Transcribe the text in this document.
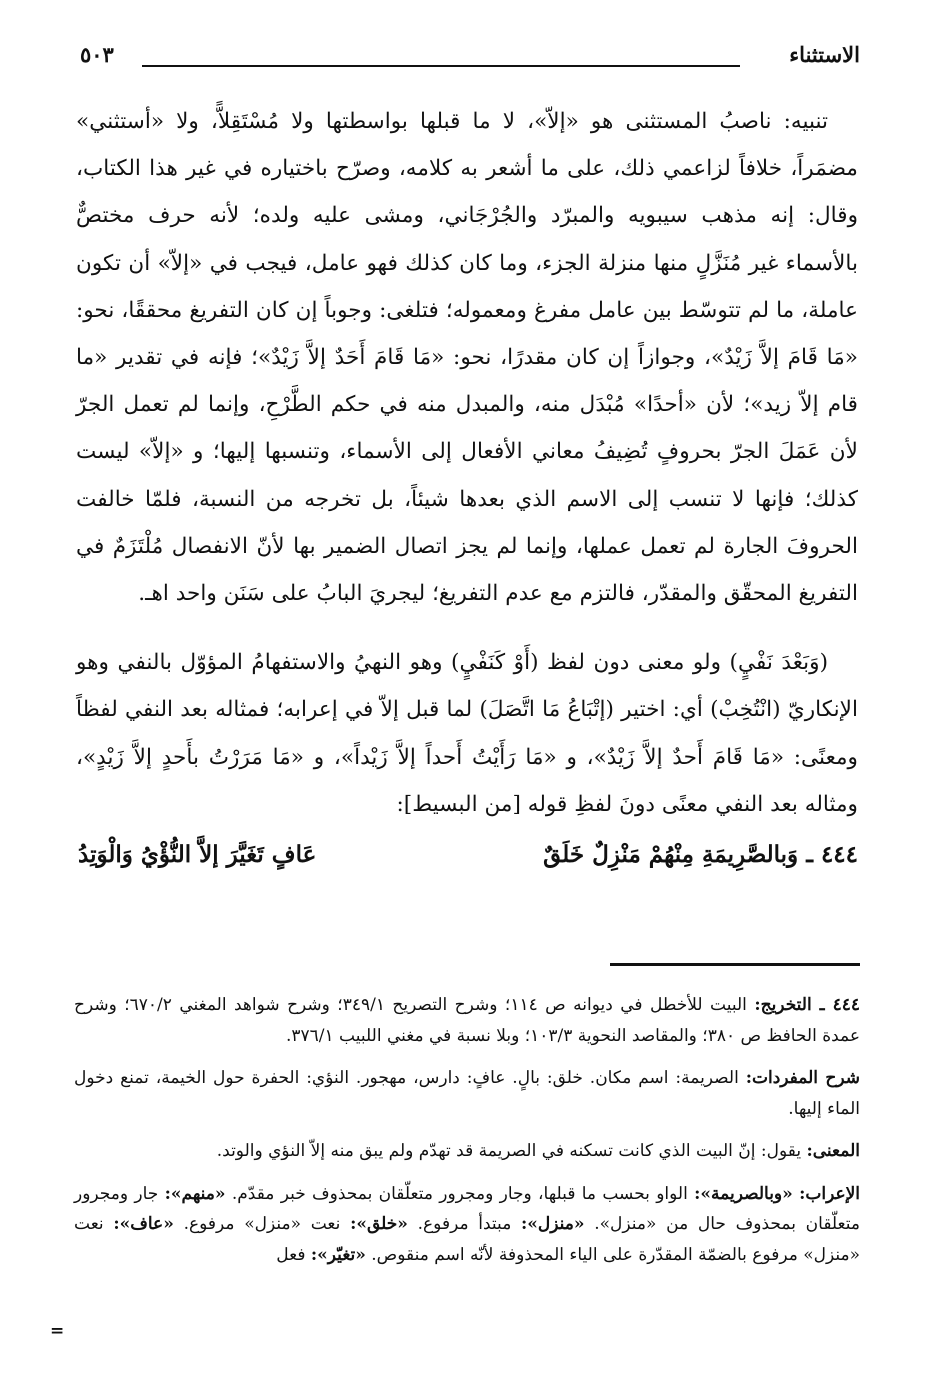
الاستثناء
٥٠٣

تنبيه: ناصبُ المستثنى هو «إلاّ»، لا ما قبلها بواسطتها ولا مُسْتَقِلاًّ، ولا «أستثني» مضمَراً، خلافاً لزاعمي ذلك، على ما أشعر به كلامه، وصرّح باختياره في غير هذا الكتاب، وقال: إنه مذهب سيبويه والمبرّد والجُرْجَاني، ومشى عليه ولده؛ لأنه حرف مختصٌّ بالأسماء غير مُنَزَّلٍ منها منزلة الجزء، وما كان كذلك فهو عامل، فيجب في «إلاّ» أن تكون عاملة، ما لم تتوسّط بين عامل مفرغ ومعموله؛ فتلغى: وجوباً إن كان التفريغ محققًا، نحو: «مَا قَامَ إلاَّ زَيْدٌ»، وجوازاً إن كان مقدرًا، نحو: «مَا قَامَ أَحَدٌ إلاَّ زَيْدٌ»؛ فإنه في تقدير «ما قام إلاّ زيد»؛ لأن «أحدًا» مُبْدَل منه، والمبدل منه في حكم الطَّرْحِ، وإنما لم تعمل الجرّ لأن عَمَلَ الجرّ بحروفٍ تُضِيفُ معاني الأفعال إلى الأسماء، وتنسبها إليها؛ و «إلاّ» ليست كذلك؛ فإنها لا تنسب إلى الاسم الذي بعدها شيئاً، بل تخرجه من النسبة، فلمّا خالفت الحروفَ الجارة لم تعمل عملها، وإنما لم يجز اتصال الضمير بها لأنّ الانفصال مُلْتَزَمٌ في التفريغ المحقّق والمقدّر، فالتزم مع عدم التفريغ؛ ليجريَ البابُ على سَنَن واحد اهـ.

(وَبَعْدَ نَفْيٍ) ولو معنى دون لفظ (أَوْ كَنَفْيٍ) وهو النهيُ والاستفهامُ المؤوّل بالنفي وهو الإنكاريّ (انْتُخِبْ) أي: اختير (إتْبَاعُ مَا اتَّصَلَ) لما قبل إلاّ في إعرابه؛ فمثاله بعد النفي لفظاً ومعنًى: «مَا قَامَ أَحدٌ إلاَّ زَيْدٌ»، و «مَا رَأَيْتُ أَحداً إلاَّ زَيْداً»، و «مَا مَرَرْتُ بأَحدٍ إلاَّ زَيْدٍ»، ومثاله بعد النفي معنًى دونَ لفظِ قوله [من البسيط]:

٤٤٤ ـ وَبالصَّرِيمَةِ مِنْهُمْ مَنْزِلٌ خَلَقٌ
عَافٍ تَغَيَّرَ إلاَّ النُّؤْيُ وَالْوَتِدُ

٤٤٤ ـ التخريج: البيت للأخطل في ديوانه ص ١١٤؛ وشرح التصريح ٣٤٩/١؛ وشرح شواهد المغني ٦٧٠/٢؛ وشرح عمدة الحافظ ص ٣٨٠؛ والمقاصد النحوية ١٠٣/٣؛ وبلا نسبة في مغني اللبيب ٣٧٦/١.

شرح المفردات: الصريمة: اسم مكان. خلق: بالٍ. عافٍ: دارس، مهجور. النؤي: الحفرة حول الخيمة، تمنع دخول الماء إليها.

المعنى: يقول: إنّ البيت الذي كانت تسكنه في الصريمة قد تهدّم ولم يبق منه إلاّ النؤي والوتد.

الإعراب: «وبالصريمة»: الواو بحسب ما قبلها، وجار ومجرور متعلّقان بمحذوف خبر مقدّم. «منهم»: جار ومجرور متعلّقان بمحذوف حال من «منزل». «منزل»: مبتدأ مرفوع. «خلق»: نعت «منزل» مرفوع. «عاف»: نعت «منزل» مرفوع بالضمّة المقدّرة على الياء المحذوفة لأنّه اسم منقوص. «تغيّر»: فعل

=
